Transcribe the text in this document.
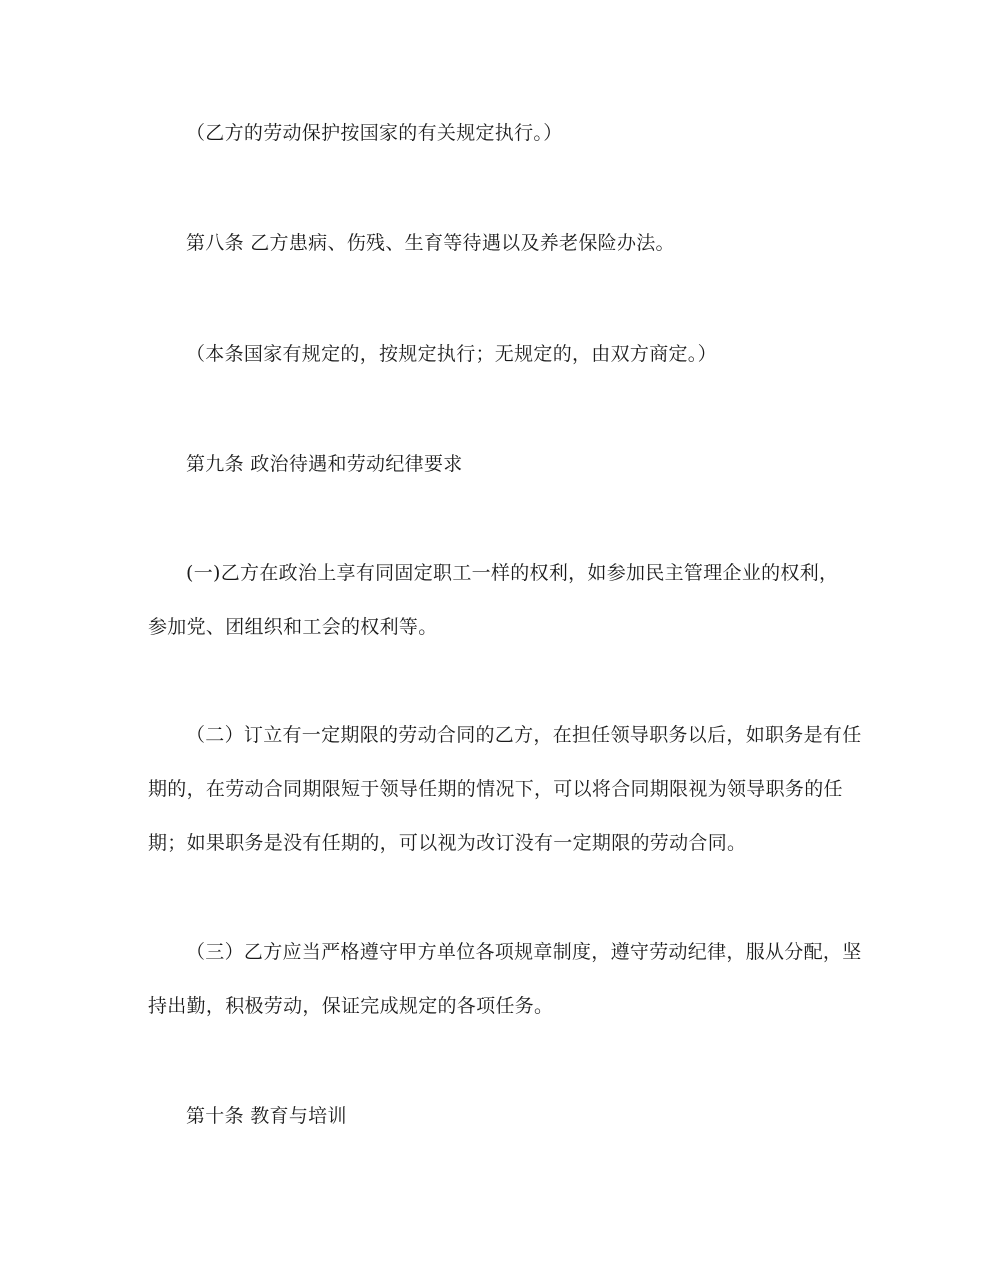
（乙方的劳动保护按国家的有关规定执行。）
第八条 乙方患病、伤残、生育等待遇以及养老保险办法。
（本条国家有规定的，按规定执行；无规定的，由双方商定。）
第九条 政治待遇和劳动纪律要求
(一)乙方在政治上享有同固定职工一样的权利，如参加民主管理企业的权利，
参加党、团组织和工会的权利等。
（二）订立有一定期限的劳动合同的乙方，在担任领导职务以后，如职务是有任
期的，在劳动合同期限短于领导任期的情况下，可以将合同期限视为领导职务的任
期；如果职务是没有任期的，可以视为改订没有一定期限的劳动合同。
（三）乙方应当严格遵守甲方单位各项规章制度，遵守劳动纪律，服从分配，坚
持出勤，积极劳动，保证完成规定的各项任务。
第十条 教育与培训
